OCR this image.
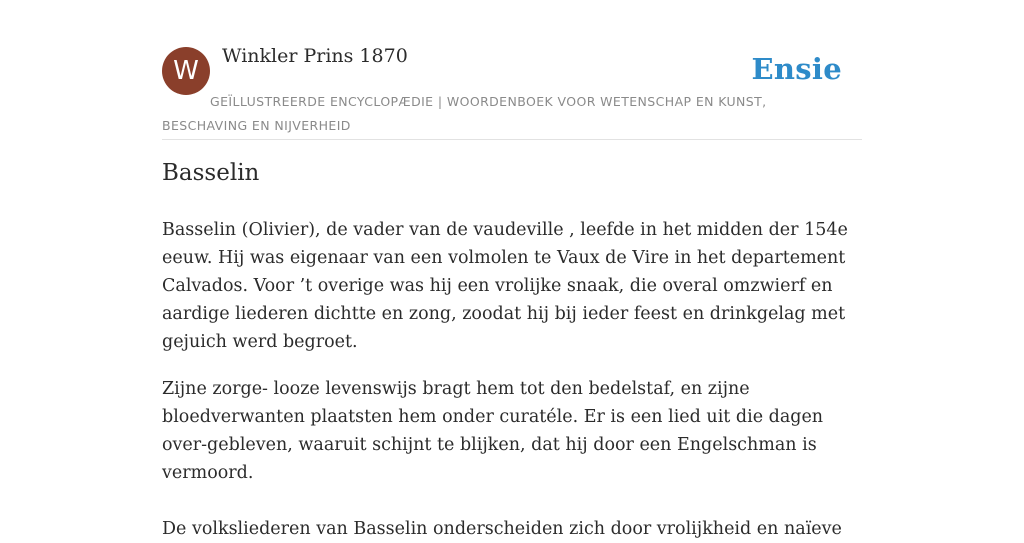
W	Winkler Prins 1870	Ensie
GEÏLLUSTREERDE ENCYCLOPÆDIE | WOORDENBOEK VOOR WETENSCHAP EN KUNST, BESCHAVING EN NIJVERHEID
Basselin

Basselin (Olivier), de vader van de vaudeville , leefde in het midden der 154e eeuw. Hij was eigenaar van een volmolen te Vaux de Vire in het departement Calvados. Voor ’t overige was hij een vrolijke snaak, die overal omzwierf en aardige liederen dichtte en zong, zoodat hij bij ieder feest en drinkgelag met gejuich werd begroet.

Zijne zorge- looze levenswijs bragt hem tot den bedelstaf, en zijne bloedverwanten plaatsten hem onder curatéle. Er is een lied uit die dagen over-gebleven, waaruit schijnt te blijken, dat hij door een Engelschman is vermoord.

De volksliederen van Basselin onderscheiden zich door vrolijkheid en naïeve
